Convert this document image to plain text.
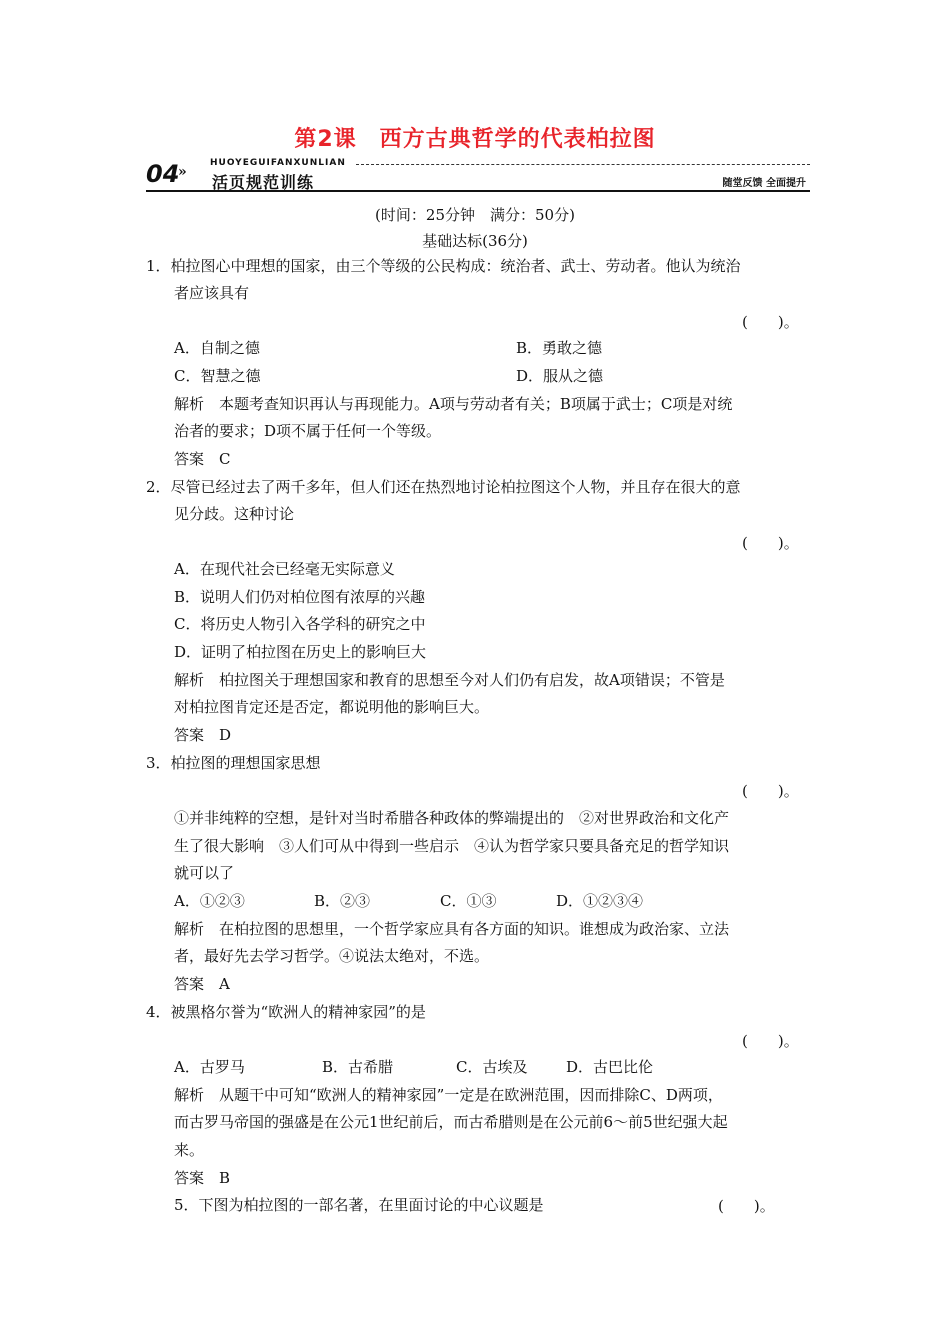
第2课　西方古典哲学的代表柏拉图
04
»
HUOYEGUIFANXUNLIAN
活页规范训练	随堂反馈 全面提升
(时间：25分钟　满分：50分)
基础达标(36分)
1．柏拉图心中理想的国家，由三个等级的公民构成：统治者、武士、劳动者。他认为统治
者应该具有
(　　)。
A．自制之德	B．勇敢之德
C．智慧之德	D．服从之德
解析　本题考查知识再认与再现能力。A项与劳动者有关；B项属于武士；C项是对统
治者的要求；D项不属于任何一个等级。
答案　C
2．尽管已经过去了两千多年，但人们还在热烈地讨论柏拉图这个人物，并且存在很大的意
见分歧。这种讨论
(　　)。
A．在现代社会已经毫无实际意义
B．说明人们仍对柏位图有浓厚的兴趣
C．将历史人物引入各学科的研究之中
D．证明了柏拉图在历史上的影响巨大
解析　柏拉图关于理想国家和教育的思想至今对人们仍有启发，故A项错误；不管是
对柏拉图肯定还是否定，都说明他的影响巨大。
答案　D
3．柏拉图的理想国家思想
(　　)。
①并非纯粹的空想，是针对当时希腊各种政体的弊端提出的　②对世界政治和文化产
生了很大影响　③人们可从中得到一些启示　④认为哲学家只要具备充足的哲学知识
就可以了
A．①②③	B．②③	C．①③	D．①②③④
解析　在柏拉图的思想里，一个哲学家应具有各方面的知识。谁想成为政治家、立法
者，最好先去学习哲学。④说法太绝对，不选。
答案　A
4．被黑格尔誉为“欧洲人的精神家园”的是
(　　)。
A．古罗马	B．古希腊	C．古埃及	D．古巴比伦
解析　从题干中可知“欧洲人的精神家园”一定是在欧洲范围，因而排除C、D两项，
而古罗马帝国的强盛是在公元1世纪前后，而古希腊则是在公元前6～前5世纪强大起
来。
答案　B
5．下图为柏拉图的一部名著，在里面讨论的中心议题是	(　　)。
